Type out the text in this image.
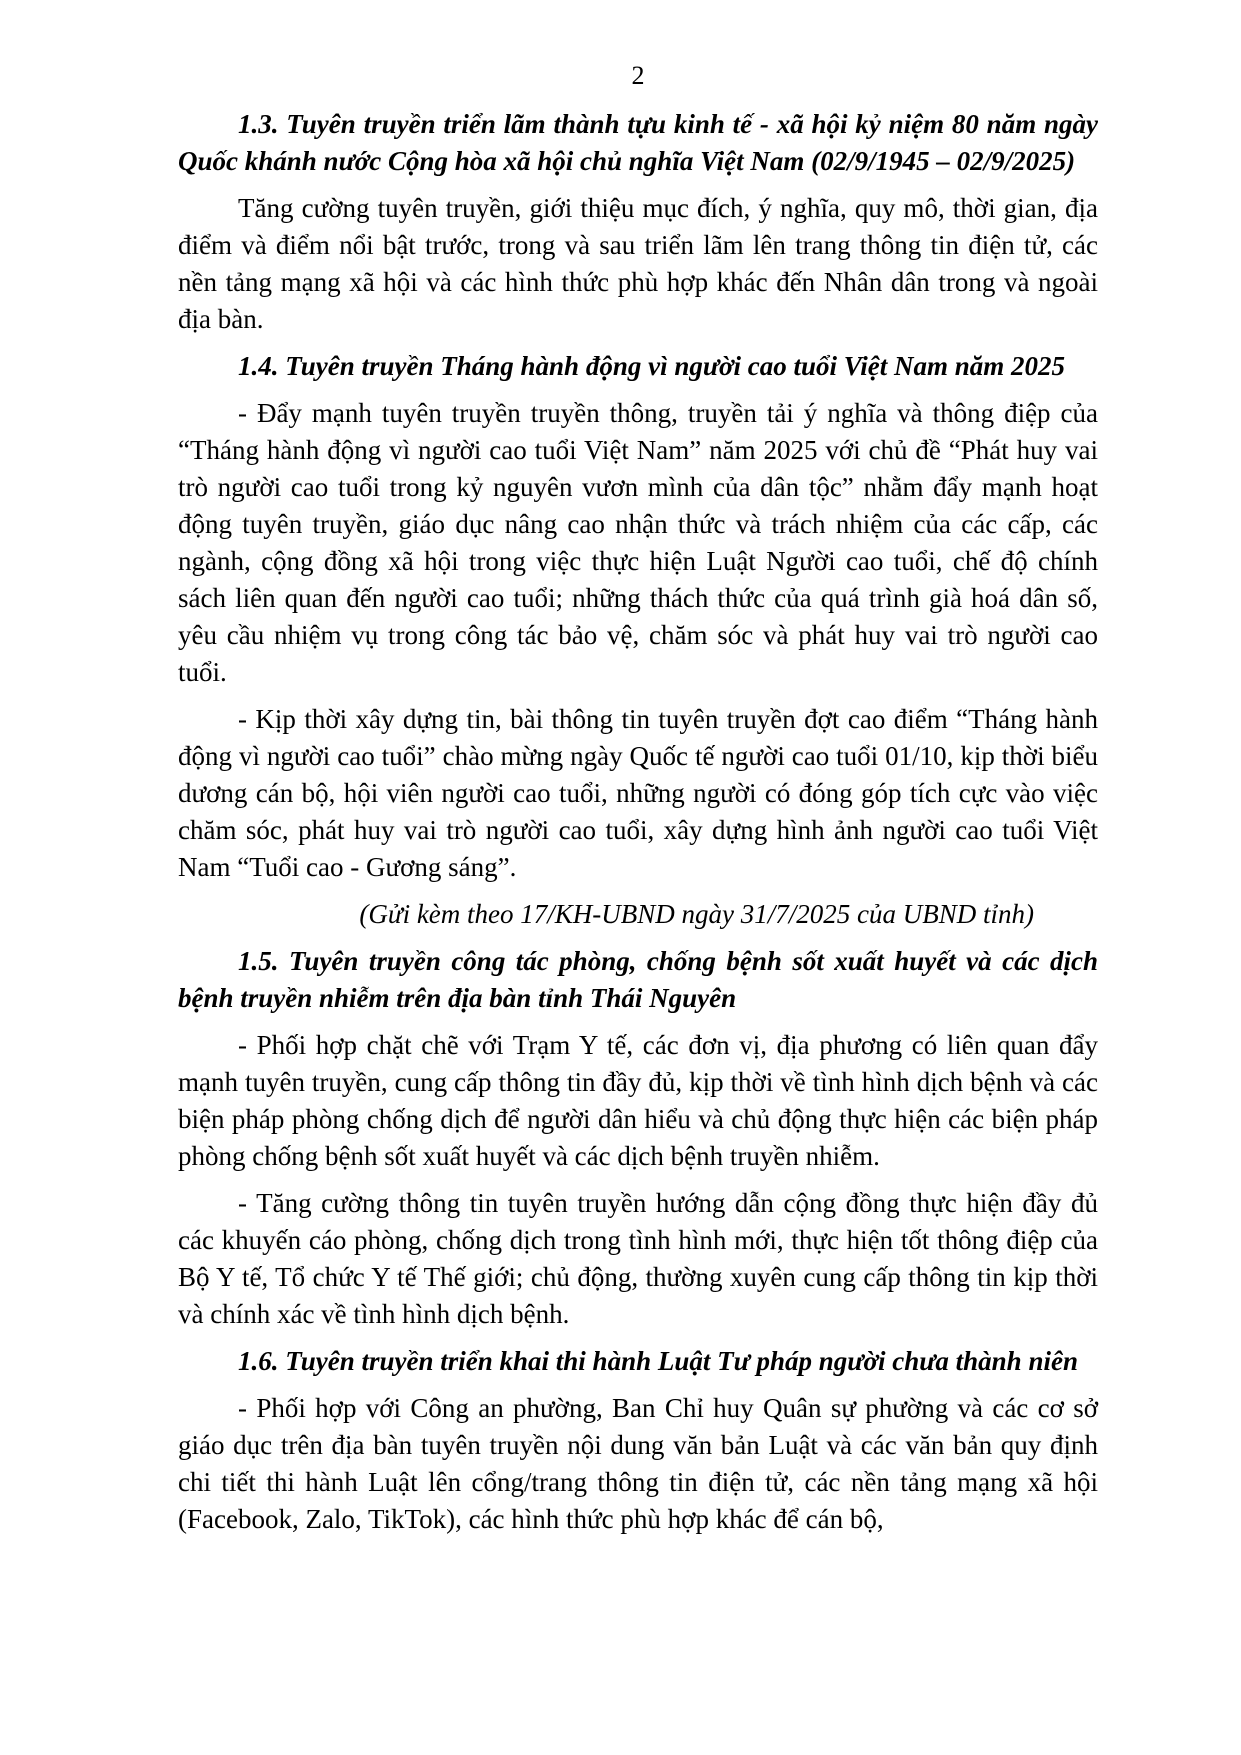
2
1.3. Tuyên truyền triển lãm thành tựu kinh tế - xã hội kỷ niệm 80 năm ngày Quốc khánh nước Cộng hòa xã hội chủ nghĩa Việt Nam (02/9/1945 – 02/9/2025)

Tăng cường tuyên truyền, giới thiệu mục đích, ý nghĩa, quy mô, thời gian, địa điểm và điểm nổi bật trước, trong và sau triển lãm lên trang thông tin điện tử, các nền tảng mạng xã hội và các hình thức phù hợp khác đến Nhân dân trong và ngoài địa bàn.

1.4. Tuyên truyền Tháng hành động vì người cao tuổi Việt Nam năm 2025

- Đẩy mạnh tuyên truyền truyền thông, truyền tải ý nghĩa và thông điệp của “Tháng hành động vì người cao tuổi Việt Nam” năm 2025 với chủ đề “Phát huy vai trò người cao tuổi trong kỷ nguyên vươn mình của dân tộc” nhằm đẩy mạnh hoạt động tuyên truyền, giáo dục nâng cao nhận thức và trách nhiệm của các cấp, các ngành, cộng đồng xã hội trong việc thực hiện Luật Người cao tuổi, chế độ chính sách liên quan đến người cao tuổi; những thách thức của quá trình già hoá dân số, yêu cầu nhiệm vụ trong công tác bảo vệ, chăm sóc và phát huy vai trò người cao tuổi.

- Kịp thời xây dựng tin, bài thông tin tuyên truyền đợt cao điểm “Tháng hành động vì người cao tuổi” chào mừng ngày Quốc tế người cao tuổi 01/10, kịp thời biểu dương cán bộ, hội viên người cao tuổi, những người có đóng góp tích cực vào việc chăm sóc, phát huy vai trò người cao tuổi, xây dựng hình ảnh người cao tuổi Việt Nam “Tuổi cao - Gương sáng”.

(Gửi kèm theo 17/KH-UBND ngày 31/7/2025 của UBND tỉnh)

1.5. Tuyên truyền công tác phòng, chống bệnh sốt xuất huyết và các dịch bệnh truyền nhiễm trên địa bàn tỉnh Thái Nguyên

- Phối hợp chặt chẽ với Trạm Y tế, các đơn vị, địa phương có liên quan đẩy mạnh tuyên truyền, cung cấp thông tin đầy đủ, kịp thời về tình hình dịch bệnh và các biện pháp phòng chống dịch để người dân hiểu và chủ động thực hiện các biện pháp phòng chống bệnh sốt xuất huyết và các dịch bệnh truyền nhiễm.

- Tăng cường thông tin tuyên truyền hướng dẫn cộng đồng thực hiện đầy đủ các khuyến cáo phòng, chống dịch trong tình hình mới, thực hiện tốt thông điệp của Bộ Y tế, Tổ chức Y tế Thế giới; chủ động, thường xuyên cung cấp thông tin kịp thời và chính xác về tình hình dịch bệnh.

1.6. Tuyên truyền triển khai thi hành Luật Tư pháp người chưa thành niên

- Phối hợp với Công an phường, Ban Chỉ huy Quân sự phường và các cơ sở giáo dục trên địa bàn tuyên truyền nội dung văn bản Luật và các văn bản quy định chi tiết thi hành Luật lên cổng/trang thông tin điện tử, các nền tảng mạng xã hội (Facebook, Zalo, TikTok), các hình thức phù hợp khác để cán bộ,
